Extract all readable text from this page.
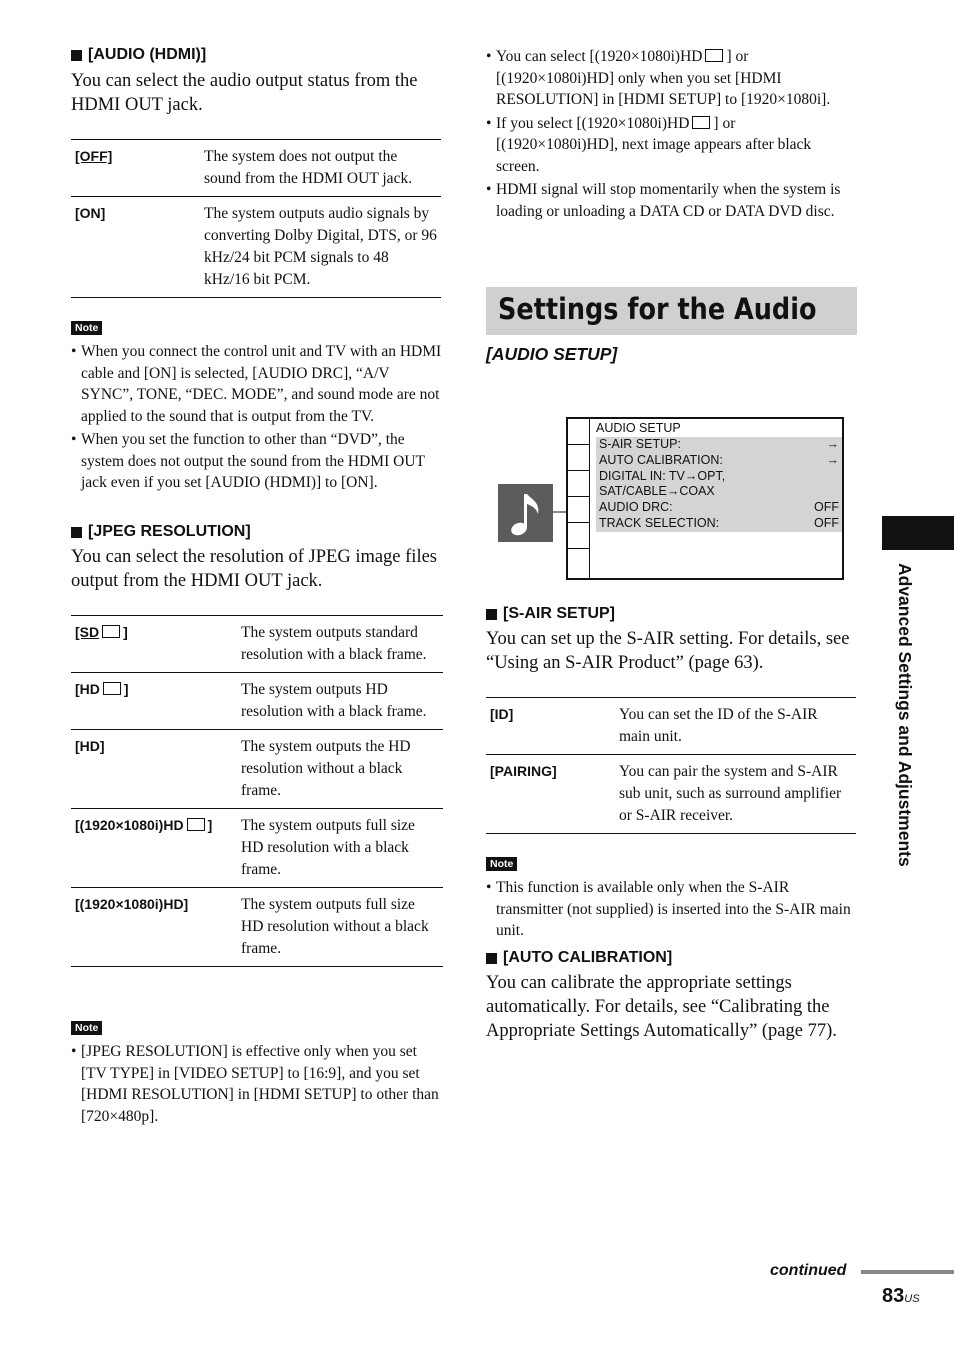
[AUDIO (HDMI)]
You can select the audio output status from the HDMI OUT jack.
[OFF]	The system does not output the sound from the HDMI OUT jack.
[ON]	The system outputs audio signals by converting Dolby Digital, DTS, or 96 kHz/24 bit PCM signals to 48 kHz/16 bit PCM.
Note
• When you connect the control unit and TV with an HDMI cable and [ON] is selected, [AUDIO DRC], “A/V SYNC”, TONE, “DEC. MODE”, and sound mode are not applied to the sound that is output from the TV.
• When you set the function to other than “DVD”, the system does not output the sound from the HDMI OUT jack even if you set [AUDIO (HDMI)] to [ON].
[JPEG RESOLUTION]
You can select the resolution of JPEG image files output from the HDMI OUT jack.
[SD ]	The system outputs standard resolution with a black frame.
[HD ]	The system outputs HD resolution with a black frame.
[HD]	The system outputs the HD resolution without a black frame.
[(1920×1080i)HD ]	The system outputs full size HD resolution with a black frame.
[(1920×1080i)HD]	The system outputs full size HD resolution without a black frame.
Note
• [JPEG RESOLUTION] is effective only when you set [TV TYPE] in [VIDEO SETUP] to [16:9], and you set [HDMI RESOLUTION] in [HDMI SETUP] to other than [720×480p].
• You can select [(1920×1080i)HD ] or [(1920×1080i)HD] only when you set [HDMI RESOLUTION] in [HDMI SETUP] to [1920×1080i].
• If you select [(1920×1080i)HD ] or [(1920×1080i)HD], next image appears after black screen.
• HDMI signal will stop momentarily when the system is loading or unloading a DATA CD or DATA DVD disc.
Settings for the Audio
[AUDIO SETUP]
AUDIO SETUP
S-AIR SETUP:	→
AUTO CALIBRATION:	→
DIGITAL IN: TV→OPT, SAT/CABLE→COAX
AUDIO DRC:	OFF
TRACK SELECTION:	OFF
[S-AIR SETUP]
You can set up the S-AIR setting. For details, see “Using an S-AIR Product” (page 63).
[ID]	You can set the ID of the S-AIR main unit.
[PAIRING]	You can pair the system and S-AIR sub unit, such as surround amplifier or S-AIR receiver.
Note
• This function is available only when the S-AIR transmitter (not supplied) is inserted into the S-AIR main unit.
[AUTO CALIBRATION]
You can calibrate the appropriate settings automatically. For details, see “Calibrating the Appropriate Settings Automatically” (page 77).
Advanced Settings and Adjustments
continued
83US
